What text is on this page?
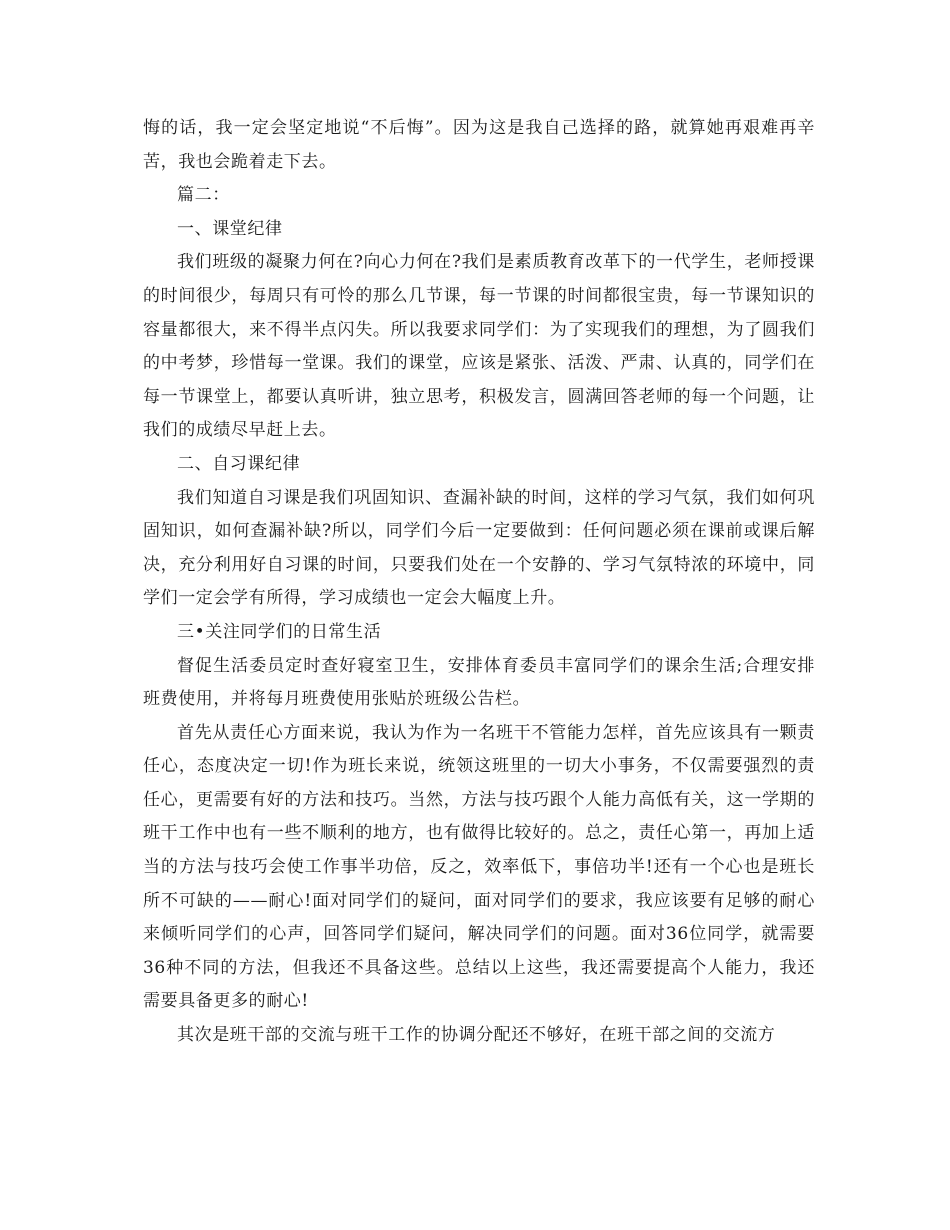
悔的话，我一定会坚定地说“不后悔”。因为这是我自己选择的路，就算她再艰难再辛苦，我也会跪着走下去。

篇二：

一、课堂纪律

我们班级的凝聚力何在?向心力何在?我们是素质教育改革下的一代学生，老师授课的时间很少，每周只有可怜的那么几节课，每一节课的时间都很宝贵，每一节课知识的容量都很大，来不得半点闪失。所以我要求同学们：为了实现我们的理想，为了圆我们的中考梦，珍惜每一堂课。我们的课堂，应该是紧张、活泼、严肃、认真的，同学们在每一节课堂上，都要认真听讲，独立思考，积极发言，圆满回答老师的每一个问题，让我们的成绩尽早赶上去。

二、自习课纪律

我们知道自习课是我们巩固知识、查漏补缺的时间，这样的学习气氛，我们如何巩固知识，如何查漏补缺?所以，同学们今后一定要做到：任何问题必须在课前或课后解决，充分利用好自习课的时间，只要我们处在一个安静的、学习气氛特浓的环境中，同学们一定会学有所得，学习成绩也一定会大幅度上升。

三•关注同学们的日常生活

督促生活委员定时查好寝室卫生，安排体育委员丰富同学们的课余生活;合理安排班费使用，并将每月班费使用张贴於班级公告栏。

首先从责任心方面来说，我认为作为一名班干不管能力怎样，首先应该具有一颗责任心，态度决定一切!作为班长来说，统领这班里的一切大小事务，不仅需要强烈的责任心，更需要有好的方法和技巧。当然，方法与技巧跟个人能力高低有关，这一学期的班干工作中也有一些不顺利的地方，也有做得比较好的。总之，责任心第一，再加上适当的方法与技巧会使工作事半功倍，反之，效率低下，事倍功半!还有一个心也是班长所不可缺的——耐心!面对同学们的疑问，面对同学们的要求，我应该要有足够的耐心来倾听同学们的心声，回答同学们疑问，解决同学们的问题。面对36位同学，就需要36种不同的方法，但我还不具备这些。总结以上这些，我还需要提高个人能力，我还需要具备更多的耐心!

其次是班干部的交流与班干工作的协调分配还不够好，在班干部之间的交流方
